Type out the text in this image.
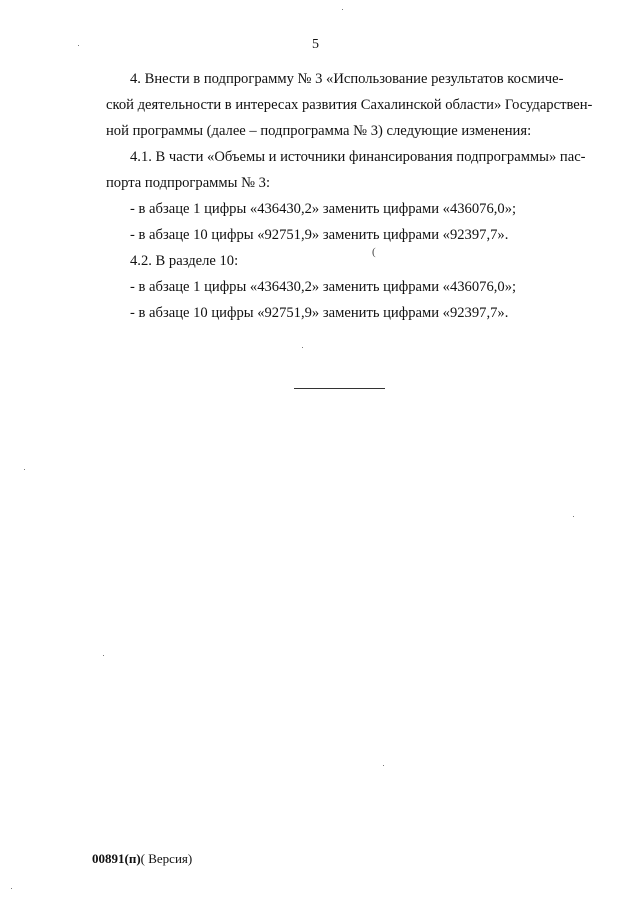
5
4. Внести в подпрограмму № 3 «Использование результатов космиче-
ской деятельности в интересах развития Сахалинской области» Государствен-
ной программы (далее – подпрограмма № 3) следующие изменения:
4.1. В части «Объемы и источники финансирования подпрограммы» пас-
порта подпрограммы № 3:
- в абзаце 1 цифры «436430,2» заменить цифрами «436076,0»;
- в абзаце 10 цифры «92751,9» заменить цифрами «92397,7».
4.2. В разделе 10:
- в абзаце 1 цифры «436430,2» заменить цифрами «436076,0»;
- в абзаце 10 цифры «92751,9» заменить цифрами «92397,7».
(
00891(п)( Версия)
